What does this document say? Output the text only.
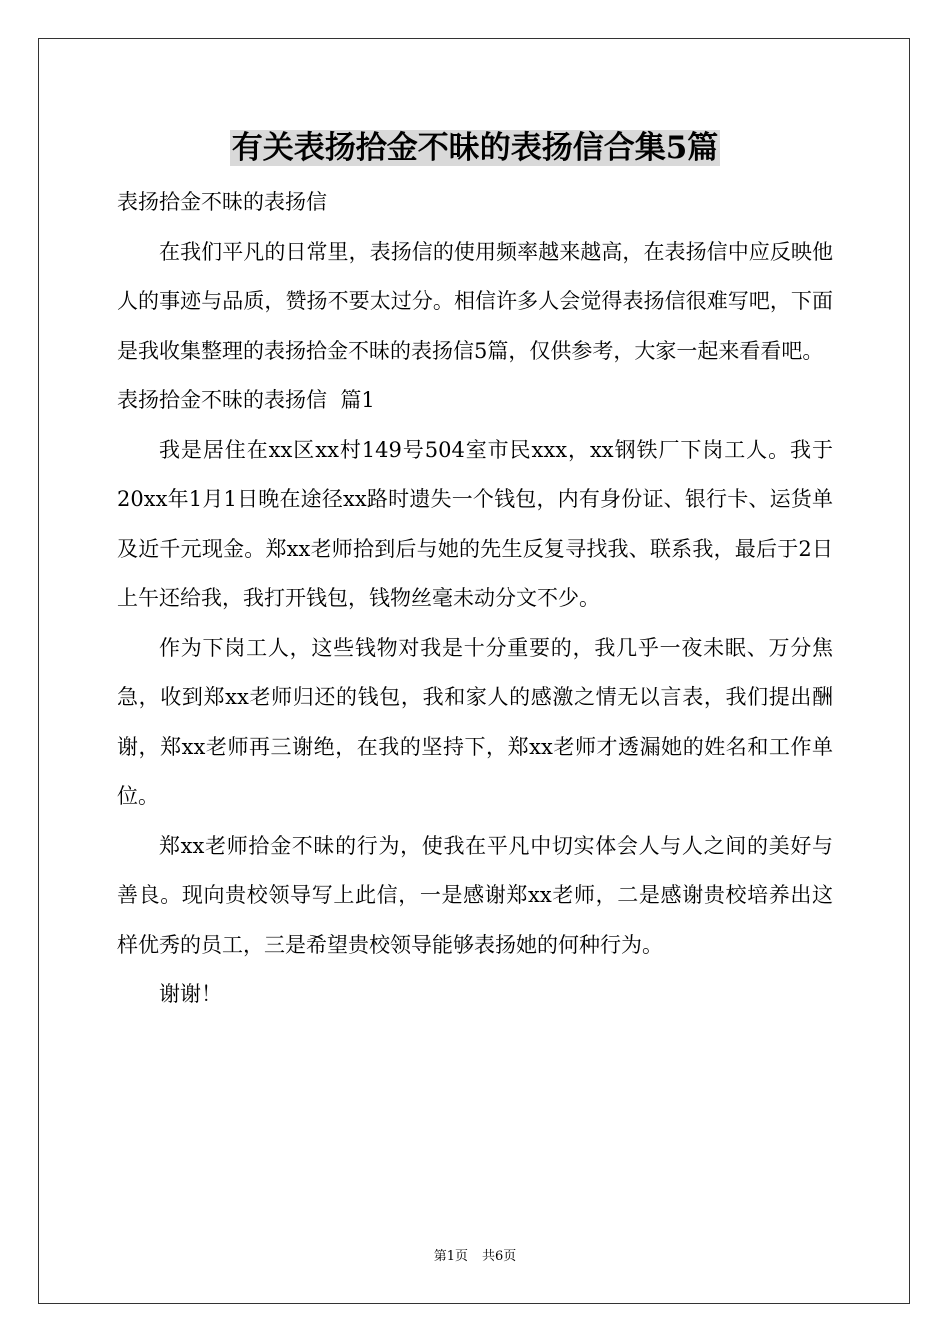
有关表扬拾金不昧的表扬信合集5篇

表扬拾金不昧的表扬信

在我们平凡的日常里，表扬信的使用频率越来越高，在表扬信中应反映他人的事迹与品质，赞扬不要太过分。相信许多人会觉得表扬信很难写吧，下面是我收集整理的表扬拾金不昧的表扬信5篇，仅供参考，大家一起来看看吧。

表扬拾金不昧的表扬信  篇1

我是居住在xx区xx村149号504室市民xxx，xx钢铁厂下岗工人。我于20xx年1月1日晚在途径xx路时遗失一个钱包，内有身份证、银行卡、运货单及近千元现金。郑xx老师拾到后与她的先生反复寻找我、联系我，最后于2日上午还给我，我打开钱包，钱物丝毫未动分文不少。

作为下岗工人，这些钱物对我是十分重要的，我几乎一夜未眠、万分焦急，收到郑xx老师归还的钱包，我和家人的感激之情无以言表，我们提出酬谢，郑xx老师再三谢绝，在我的坚持下，郑xx老师才透漏她的姓名和工作单位。

郑xx老师拾金不昧的行为，使我在平凡中切实体会人与人之间的美好与善良。现向贵校领导写上此信，一是感谢郑xx老师，二是感谢贵校培养出这样优秀的员工，三是希望贵校领导能够表扬她的何种行为。

谢谢！

第1页 共6页
